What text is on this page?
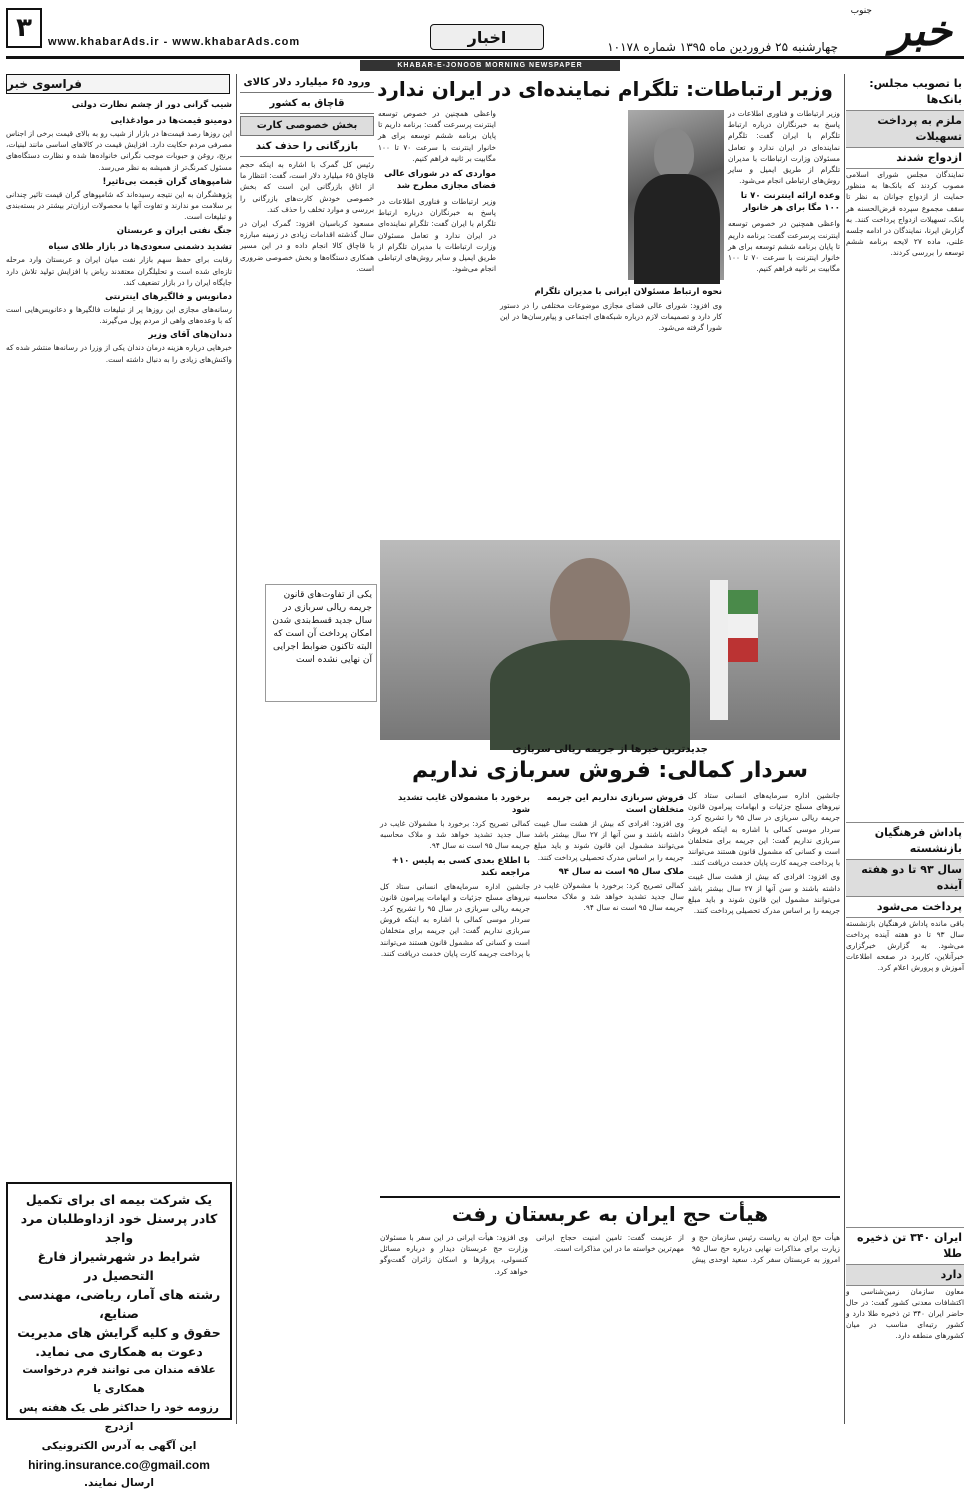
۳	www.khabarAds.ir - www.khabarAds.com	اخبار
چهارشنبه ۲۵ فروردین ماه ۱۳۹۵ شماره ۱۰۱۷۸ خبر
جنوب
KHABAR-E-JONOOB MORNING NEWSPAPER
با تصویب مجلس: بانک‌ها
ملزم به پرداخت تسهیلات
ازدواج شدند

نمایندگان مجلس شورای اسلامی مصوب کردند که بانک‌ها به منظور حمایت از ازدواج جوانان به نظر تا سقف مجموع سپرده قرض‌الحسنه هر بانک، تسهیلات ازدواج پرداخت کنند. به گزارش ایرنا، نمایندگان در ادامه جلسه علنی، ماده ۲۷ لایحه برنامه ششم توسعه را بررسی کردند.

پاداش فرهنگیان بازنشسته
سال ۹۳ تا دو هفته آینده
پرداخت می‌شود

باقی مانده پاداش فرهنگیان بازنشسته سال ۹۳ تا دو هفته آینده پرداخت می‌شود. به گزارش خبرگزاری خبرآنلاین، کاربرد در صفحه اطلاعات آموزش و پرورش اعلام کرد.

ایران ۳۴۰ تن ذخیره طلا
دارد

معاون سازمان زمین‌شناسی و اکتشافات معدنی کشور گفت: در حال حاضر ایران ۳۴۰ تن ذخیره طلا دارد و کشور رتبه‌ای مناسب در میان کشورهای منطقه دارد.

وزیر ارتباطات: تلگرام نماینده‌ای در ایران ندارد

وزیر ارتباطات و فناوری اطلاعات در پاسخ به خبرنگاران درباره ارتباط تلگرام با ایران گفت: تلگرام نماینده‌ای در ایران ندارد و تعامل مسئولان وزارت ارتباطات با مدیران تلگرام از طریق ایمیل و سایر روش‌های ارتباطی انجام می‌شود.

وعده ارائه اینترنت ۷۰ تا ۱۰۰ مگا برای هر خانوار

واعظی همچنین در خصوص توسعه اینترنت پرسرعت گفت: برنامه داریم تا پایان برنامه ششم توسعه برای هر خانوار اینترنت با سرعت ۷۰ تا ۱۰۰ مگابیت بر ثانیه فراهم کنیم.

نحوه ارتباط مسئولان ایرانی با مدیران تلگرام

وی افزود: شورای عالی فضای مجازی موضوعات مختلفی را در دستور کار دارد و تصمیمات لازم درباره شبکه‌های اجتماعی و پیام‌رسان‌ها در این شورا گرفته می‌شود.

واعظی همچنین در خصوص توسعه اینترنت پرسرعت گفت: برنامه داریم تا پایان برنامه ششم توسعه برای هر خانوار اینترنت با سرعت ۷۰ تا ۱۰۰ مگابیت بر ثانیه فراهم کنیم.

مواردی که در شورای عالی فضای مجازی مطرح شد

وزیر ارتباطات و فناوری اطلاعات در پاسخ به خبرنگاران درباره ارتباط تلگرام با ایران گفت: تلگرام نماینده‌ای در ایران ندارد و تعامل مسئولان وزارت ارتباطات با مدیران تلگرام از طریق ایمیل و سایر روش‌های ارتباطی انجام می‌شود.

یکی از تفاوت‌های قانون جریمه ریالی سربازی در سال جدید قسط‌بندی شدن امکان پرداخت آن است که البته تاکنون ضوابط اجرایی آن نهایی نشده است
جدیدترین خبرها از جریمه ریالی سربازی
سردار کمالی: فروش سربازی نداریم

جانشین اداره سرمایه‌های انسانی ستاد کل نیروهای مسلح جزئیات و ابهامات پیرامون قانون جریمه ریالی سربازی در سال ۹۵ را تشریح کرد. سردار موسی کمالی با اشاره به اینکه فروش سربازی نداریم گفت: این جریمه برای متخلفان است و کسانی که مشمول قانون هستند می‌توانند با پرداخت جریمه کارت پایان خدمت دریافت کنند.

وی افزود: افرادی که بیش از هشت سال غیبت داشته باشند و سن آنها از ۲۷ سال بیشتر باشد می‌توانند مشمول این قانون شوند و باید مبلغ جریمه را بر اساس مدرک تحصیلی پرداخت کنند.

فروش سربازی نداریم این جریمه متخلفان است

وی افزود: افرادی که بیش از هشت سال غیبت داشته باشند و سن آنها از ۲۷ سال بیشتر باشد می‌توانند مشمول این قانون شوند و باید مبلغ جریمه را بر اساس مدرک تحصیلی پرداخت کنند.

ملاک سال ۹۵ است نه سال ۹۴

کمالی تصریح کرد: برخورد با مشمولان غایب در سال جدید تشدید خواهد شد و ملاک محاسبه جریمه سال ۹۵ است نه سال ۹۴.

برخورد با مشمولان غایب تشدید شود

کمالی تصریح کرد: برخورد با مشمولان غایب در سال جدید تشدید خواهد شد و ملاک محاسبه جریمه سال ۹۵ است نه سال ۹۴.

با اطلاع بعدی کسی به پلیس ۱۰+ مراجعه نکند

جانشین اداره سرمایه‌های انسانی ستاد کل نیروهای مسلح جزئیات و ابهامات پیرامون قانون جریمه ریالی سربازی در سال ۹۵ را تشریح کرد. سردار موسی کمالی با اشاره به اینکه فروش سربازی نداریم گفت: این جریمه برای متخلفان است و کسانی که مشمول قانون هستند می‌توانند با پرداخت جریمه کارت پایان خدمت دریافت کنند.

هیأت حج ایران به عربستان رفت

هیأت حج ایران به ریاست رئیس سازمان حج و زیارت برای مذاکرات نهایی درباره حج سال ۹۵ امروز به عربستان سفر کرد. سعید اوحدی پیش از عزیمت گفت: تامین امنیت حجاج ایرانی مهم‌ترین خواسته ما در این مذاکرات است.

وی افزود: هیأت ایرانی در این سفر با مسئولان وزارت حج عربستان دیدار و درباره مسائل کنسولی، پروازها و اسکان زائران گفت‌وگو خواهد کرد.

ورود ۶۵ میلیارد دلار کالای
قاچاق به کشور
بخش خصوصی کارت
بازرگانی را حذف کند

رئیس کل گمرک با اشاره به اینکه حجم قاچاق ۶۵ میلیارد دلار است، گفت: انتظار ما از اتاق بازرگانی این است که بخش خصوصی خودش کارت‌های بازرگانی را بررسی و موارد تخلف را حذف کند.

مسعود کرباسیان افزود: گمرک ایران در سال گذشته اقدامات زیادی در زمینه مبارزه با قاچاق کالا انجام داده و در این مسیر همکاری دستگاه‌ها و بخش خصوصی ضروری است.

فراسوی خبر
شیب گرانی دور از چشم نظارت دولتی
دومینو قیمت‌ها در موادغذایی

این روزها رصد قیمت‌ها در بازار از شیب رو به بالای قیمت برخی از اجناس مصرفی مردم حکایت دارد. افزایش قیمت در کالاهای اساسی مانند لبنیات، برنج، روغن و حبوبات موجب نگرانی خانواده‌ها شده و نظارت دستگاه‌های مسئول کمرنگ‌تر از همیشه به نظر می‌رسد.

شامپوهای گران قیمت بی‌تاثیر!

پژوهشگران به این نتیجه رسیده‌اند که شامپوهای گران قیمت تاثیر چندانی بر سلامت مو ندارند و تفاوت آنها با محصولات ارزان‌تر بیشتر در بسته‌بندی و تبلیغات است.

جنگ نفتی ایران و عربستان
تشدید دشمنی سعودی‌ها در بازار طلای سیاه

رقابت برای حفظ سهم بازار نفت میان ایران و عربستان وارد مرحله تازه‌ای شده است و تحلیلگران معتقدند ریاض با افزایش تولید تلاش دارد جایگاه ایران را در بازار تضعیف کند.

دمانویس و فالگیرهای اینترنتی

رسانه‌های مجازی این روزها پر از تبلیغات فالگیرها و دعانویس‌هایی است که با وعده‌های واهی از مردم پول می‌گیرند.

دندان‌های آقای وزیر

خبرهایی درباره هزینه درمان دندان یکی از وزرا در رسانه‌ها منتشر شده که واکنش‌های زیادی را به دنبال داشته است.

یک شرکت بیمه ای برای تکمیل
کادر پرسنل خود ازداوطلبان مرد واجد
شرایط در شهرشیراز فارغ التحصیل در
رشته های آمار، ریاضی، مهندسی صنایع،
حقوق و کلیه گرایش های مدیریت
دعوت به همکاری می نماید.
علاقه مندان می توانند فرم درخواست همکاری یا
رزومه خود را حداکثر طی یک هفته پس ازدرج
این آگهی به آدرس الکترونیکی
hiring.insurance.co@gmail.com
ارسال نمایند.
